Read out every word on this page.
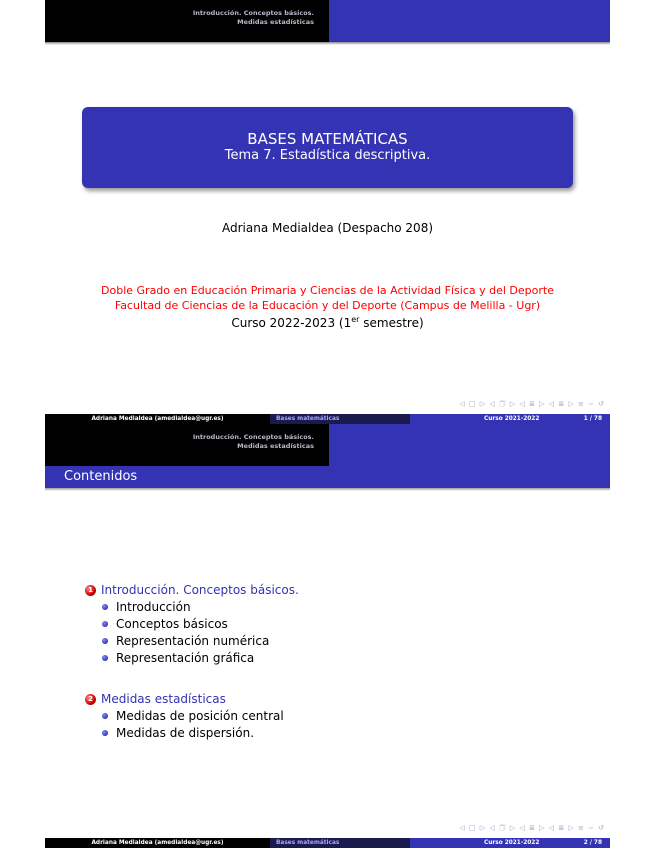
Introducción. Conceptos básicos.
Medidas estadísticas
BASES MATEMÁTICAS
Tema 7. Estadística descriptiva.
Adriana Medialdea (Despacho 208)
Doble Grado en Educación Primaria y Ciencias de la Actividad Física y del Deporte
Facultad de Ciencias de la Educación y del Deporte (Campus de Melilla - Ugr)
Curso 2022-2023 (1er semestre)
◁ □ ▷ ◁ 🗇 ▷ ◁ ≣ ▷ ◁ ≣ ▷ ≡ ∽ ↺
Adriana Medialdea (amedialdea@ugr.es)	Bases matemáticas	Curso 2021-2022	1 / 78
Introducción. Conceptos básicos.
Medidas estadísticas
Contenidos
1 Introducción. Conceptos básicos.
Introducción
Conceptos básicos
Representación numérica
Representación gráfica
2 Medidas estadísticas
Medidas de posición central
Medidas de dispersión.
◁ □ ▷ ◁ 🗇 ▷ ◁ ≣ ▷ ◁ ≣ ▷ ≡ ∽ ↺
Adriana Medialdea (amedialdea@ugr.es)	Bases matemáticas	Curso 2021-2022	2 / 78
